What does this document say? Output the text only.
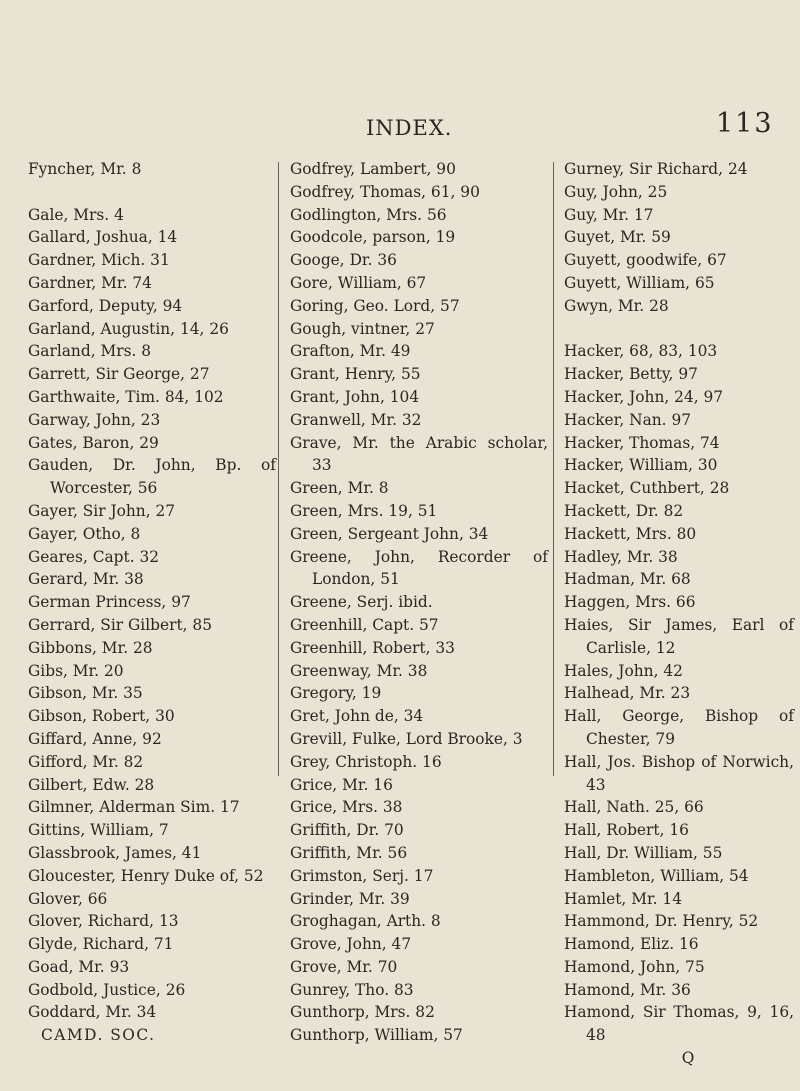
INDEX.	113
Fyncher, Mr. 8
Gale, Mrs. 4
Gallard, Joshua, 14
Gardner, Mich. 31
Gardner, Mr. 74
Garford, Deputy, 94
Garland, Augustin, 14, 26
Garland, Mrs. 8
Garrett, Sir George, 27
Garthwaite, Tim. 84, 102
Garway, John, 23
Gates, Baron, 29
Gauden, Dr. John, Bp. of Worcester, 56
Gayer, Sir John, 27
Gayer, Otho, 8
Geares, Capt. 32
Gerard, Mr. 38
German Princess, 97
Gerrard, Sir Gilbert, 85
Gibbons, Mr. 28
Gibs, Mr. 20
Gibson, Mr. 35
Gibson, Robert, 30
Giffard, Anne, 92
Gifford, Mr. 82
Gilbert, Edw. 28
Gilmner, Alderman Sim. 17
Gittins, William, 7
Glassbrook, James, 41
Gloucester, Henry Duke of, 52
Glover, 66
Glover, Richard, 13
Glyde, Richard, 71
Goad, Mr. 93
Godbold, Justice, 26
Goddard, Mr. 34
CAMD. SOC.
Godfrey, Lambert, 90
Godfrey, Thomas, 61, 90
Godlington, Mrs. 56
Goodcole, parson, 19
Googe, Dr. 36
Gore, William, 67
Goring, Geo. Lord, 57
Gough, vintner, 27
Grafton, Mr. 49
Grant, Henry, 55
Grant, John, 104
Granwell, Mr. 32
Grave, Mr. the Arabic scholar, 33
Green, Mr. 8
Green, Mrs. 19, 51
Green, Sergeant John, 34
Greene, John, Recorder of London, 51
Greene, Serj. ibid.
Greenhill, Capt. 57
Greenhill, Robert, 33
Greenway, Mr. 38
Gregory, 19
Gret, John de, 34
Grevill, Fulke, Lord Brooke, 3
Grey, Christoph. 16
Grice, Mr. 16
Grice, Mrs. 38
Griffith, Dr. 70
Griffith, Mr. 56
Grimston, Serj. 17
Grinder, Mr. 39
Groghagan, Arth. 8
Grove, John, 47
Grove, Mr. 70
Gunrey, Tho. 83
Gunthorp, Mrs. 82
Gunthorp, William, 57
Gurney, Sir Richard, 24
Guy, John, 25
Guy, Mr. 17
Guyet, Mr. 59
Guyett, goodwife, 67
Guyett, William, 65
Gwyn, Mr. 28
Hacker, 68, 83, 103
Hacker, Betty, 97
Hacker, John, 24, 97
Hacker, Nan. 97
Hacker, Thomas, 74
Hacker, William, 30
Hacket, Cuthbert, 28
Hackett, Dr. 82
Hackett, Mrs. 80
Hadley, Mr. 38
Hadman, Mr. 68
Haggen, Mrs. 66
Haies, Sir James, Earl of Carlisle, 12
Hales, John, 42
Halhead, Mr. 23
Hall, George, Bishop of Chester, 79
Hall, Jos. Bishop of Norwich, 43
Hall, Nath. 25, 66
Hall, Robert, 16
Hall, Dr. William, 55
Hambleton, William, 54
Hamlet, Mr. 14
Hammond, Dr. Henry, 52
Hamond, Eliz. 16
Hamond, John, 75
Hamond, Mr. 36
Hamond, Sir Thomas, 9, 16, 48
Q
